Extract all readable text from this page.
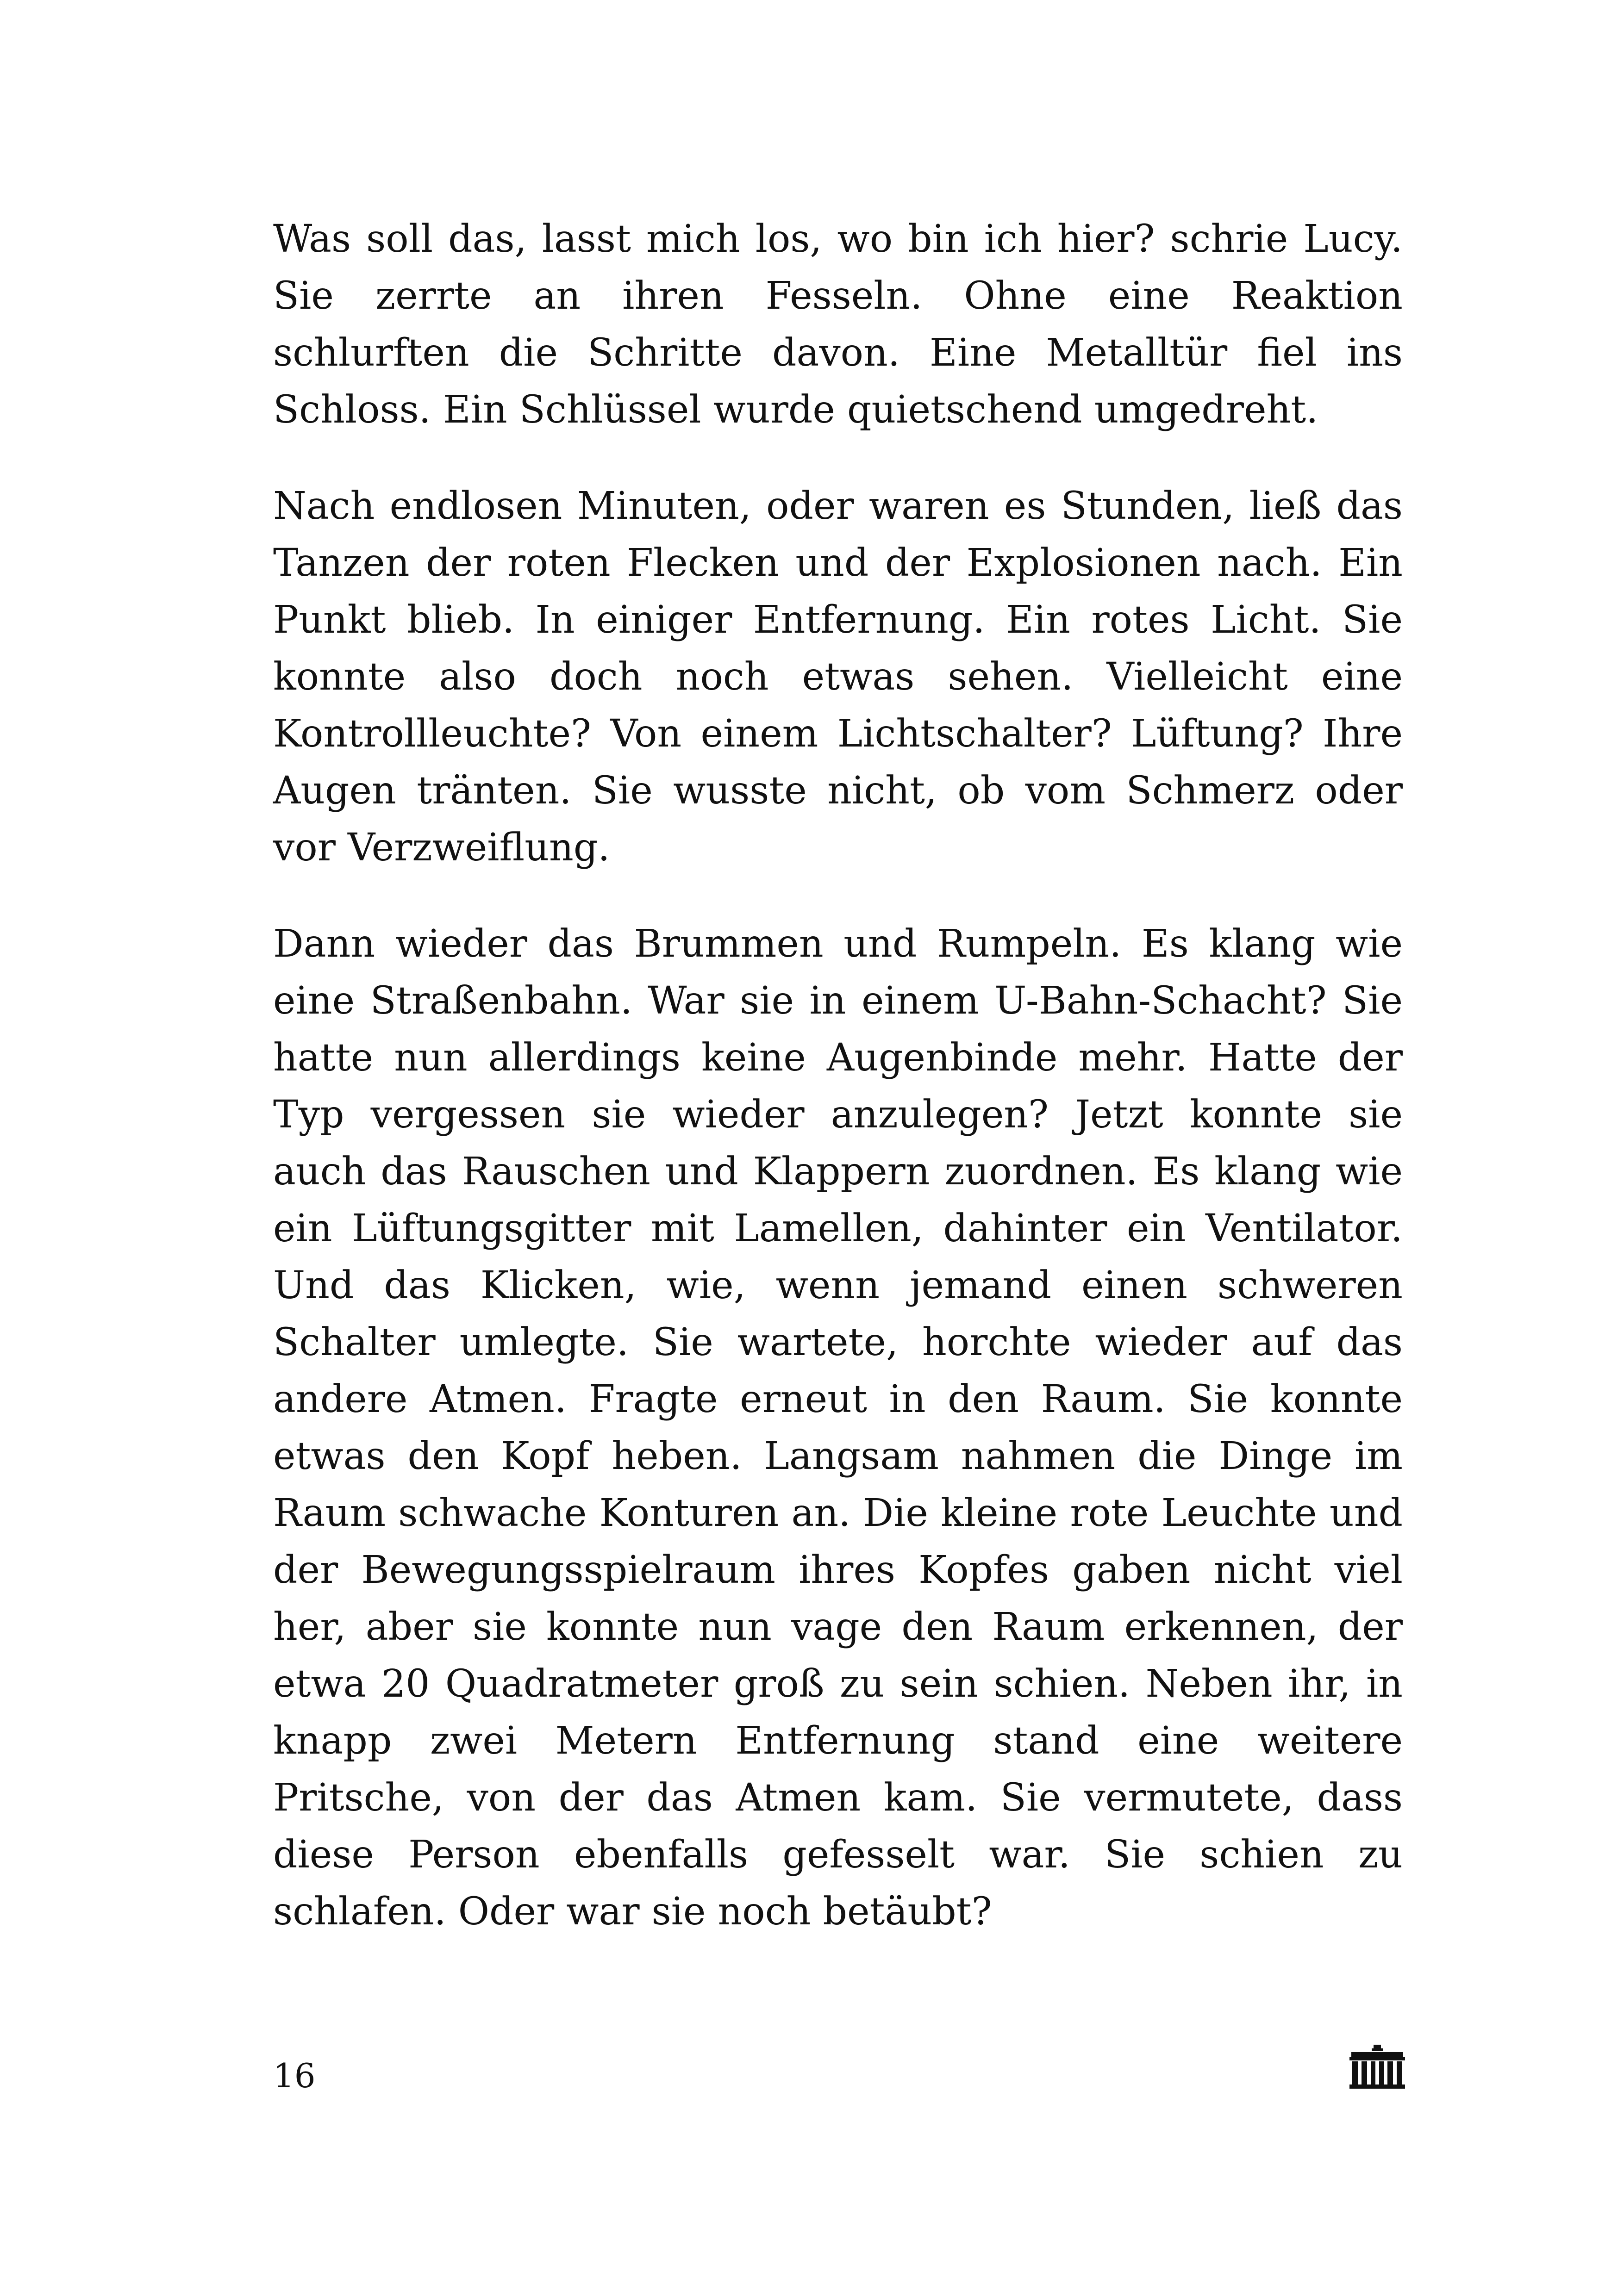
Was soll das, lasst mich los, wo bin ich hier? schrie Lucy. Sie zerrte an ihren Fesseln. Ohne eine Reaktion schlurften die Schritte davon. Eine Metalltür fiel ins Schloss. Ein Schlüssel wurde quietschend umgedreht.

Nach endlosen Minuten, oder waren es Stunden, ließ das Tanzen der roten Flecken und der Explosionen nach. Ein Punkt blieb. In einiger Entfernung. Ein rotes Licht. Sie konnte also doch noch etwas sehen. Vielleicht eine Kontrollleuchte? Von einem Lichtschalter? Lüftung? Ihre Augen tränten. Sie wusste nicht, ob vom Schmerz oder vor Verzweiflung.

Dann wieder das Brummen und Rumpeln. Es klang wie eine Straßenbahn. War sie in einem U-Bahn-Schacht? Sie hatte nun allerdings keine Augenbinde mehr. Hatte der Typ vergessen sie wieder anzulegen? Jetzt konnte sie auch das Rauschen und Klappern zuordnen. Es klang wie ein Lüftungsgitter mit Lamellen, dahinter ein Ventilator. Und das Klicken, wie, wenn jemand einen schweren Schalter umlegte. Sie wartete, horchte wieder auf das andere Atmen. Fragte erneut in den Raum. Sie konnte etwas den Kopf heben. Langsam nahmen die Dinge im Raum schwache Konturen an. Die kleine rote Leuchte und der Bewegungsspielraum ihres Kopfes gaben nicht viel her, aber sie konnte nun vage den Raum erkennen, der etwa 20 Quadratmeter groß zu sein schien. Neben ihr, in knapp zwei Metern Entfernung stand eine weitere Pritsche, von der das Atmen kam. Sie vermutete, dass diese Person ebenfalls gefesselt war. Sie schien zu schlafen. Oder war sie noch betäubt?

16
